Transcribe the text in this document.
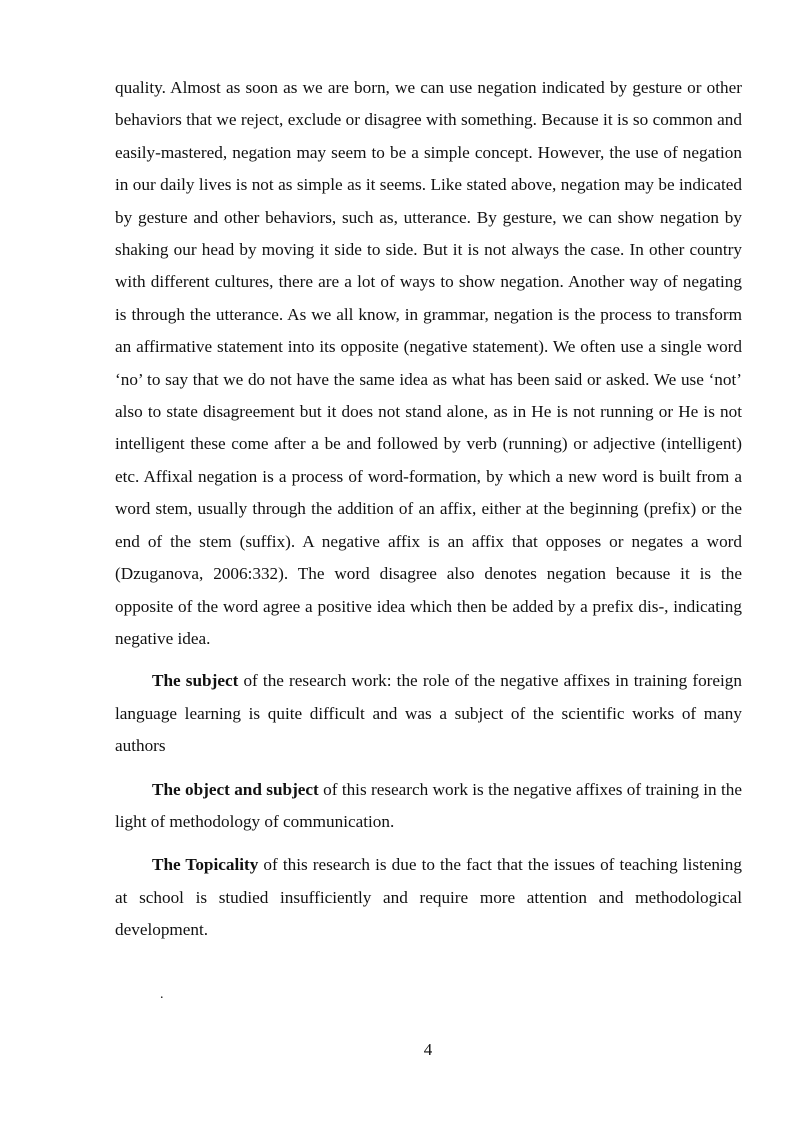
quality. Almost as soon as we are born, we can use negation indicated by gesture or other behaviors that we reject, exclude or disagree with something. Because it is so common and easily-mastered, negation may seem to be a simple concept. However, the use of negation in our daily lives is not as simple as it seems. Like stated above, negation may be indicated by gesture and other behaviors, such as, utterance. By gesture, we can show negation by shaking our head by moving it side to side. But it is not always the case. In other country with different cultures, there are a lot of ways to show negation. Another way of negating is through the utterance. As we all know, in grammar, negation is the process to transform an affirmative statement into its opposite (negative statement). We often use a single word ‘no’ to say that we do not have the same idea as what has been said or asked. We use ‘not’ also to state disagreement but it does not stand alone, as in He is not running or He is not intelligent these come after a be and followed by verb (running) or adjective (intelligent) etc. Affixal negation is a process of word-formation, by which a new word is built from a word stem, usually through the addition of an affix, either at the beginning (prefix) or the end of the stem (suffix). A negative affix is an affix that opposes or negates a word (Dzuganova, 2006:332). The word disagree also denotes negation because it is the opposite of the word agree a positive idea which then be added by a prefix dis-, indicating negative idea.

The subject of the research work: the role of the negative affixes in training foreign language learning is quite difficult and was a subject of the scientific works of many authors

The object and subject of this research work is the negative affixes of training in the light of methodology of communication.

The Topicality of this research is due to the fact that the issues of teaching listening at school is studied insufficiently and require more attention and methodological development.

.
4
